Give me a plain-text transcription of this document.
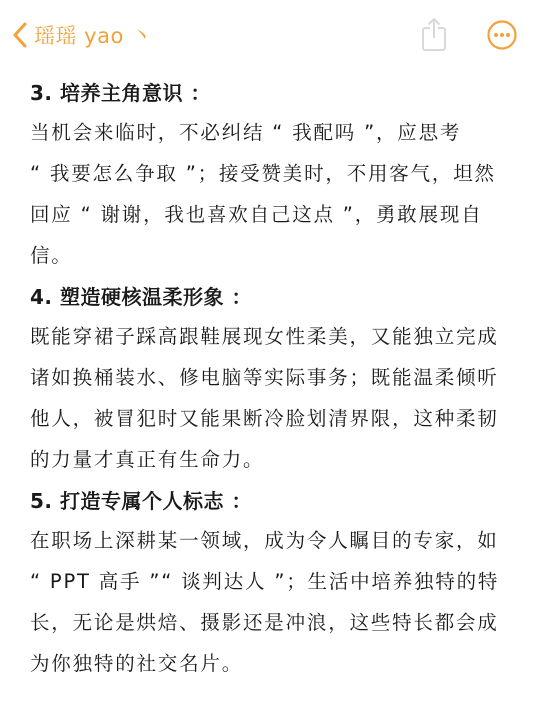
瑶瑶 yao 丶
3. 培养主角意识 ：
当机会来临时，不必纠结 “ 我配吗 ”，应思考
“ 我要怎么争取 ”；接受赞美时，不用客气，坦然
回应 “ 谢谢，我也喜欢自己这点 ”，勇敢展现自
信。
4. 塑造硬核温柔形象 ：
既能穿裙子踩高跟鞋展现女性柔美，又能独立完成
诸如换桶装水、修电脑等实际事务；既能温柔倾听
他人，被冒犯时又能果断冷脸划清界限，这种柔韧
的力量才真正有生命力。
5. 打造专属个人标志 ：
在职场上深耕某一领域，成为令人瞩目的专家，如
“ PPT 高手 ”“ 谈判达人 ”；生活中培养独特的特
长，无论是烘焙、摄影还是冲浪，这些特长都会成
为你独特的社交名片。
